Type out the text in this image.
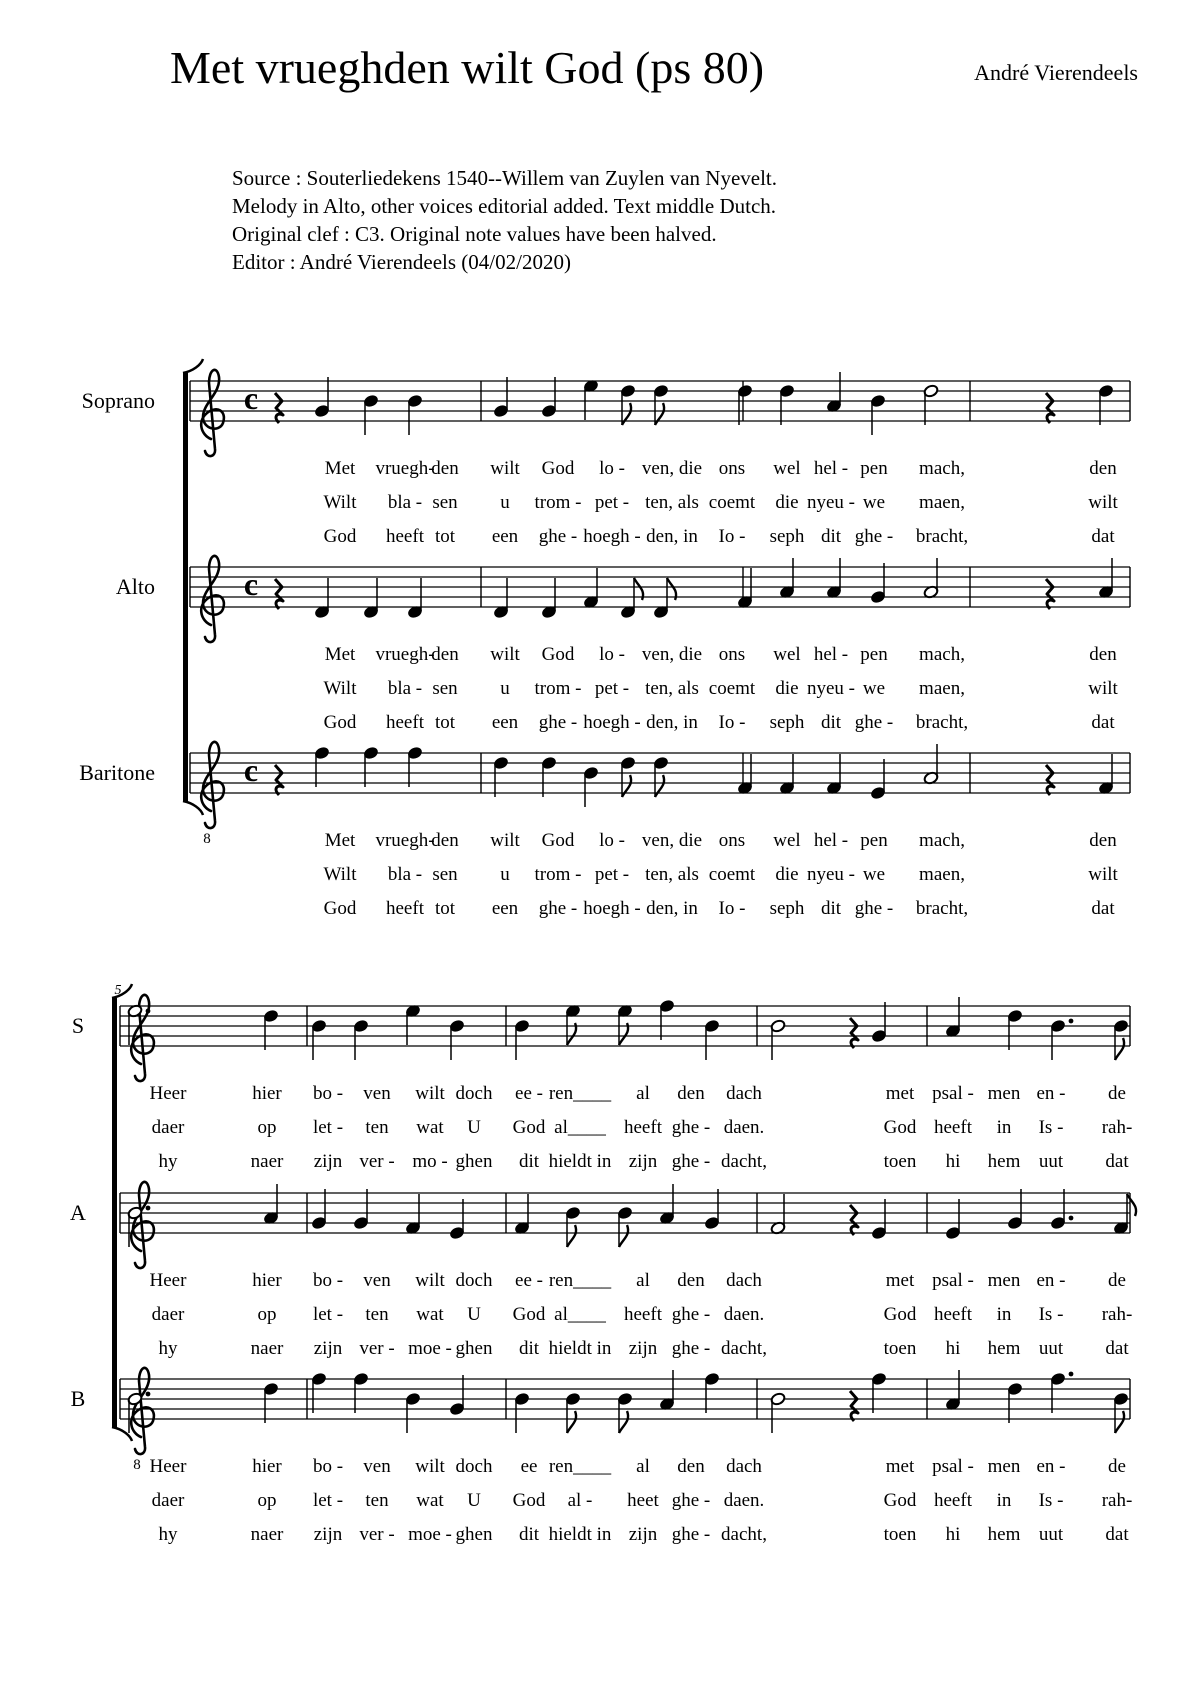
Met vrueghden wilt God (ps 80)	André Vierendeels
Source : Souterliedekens 1540--Willem van Zuylen van Nyevelt.
Melody in Alto, other voices editorial added. Text middle Dutch.
Original clef : C3. Original note values have been halved.
Editor : André Vierendeels (04/02/2020)
Soprano	c
Met vruegh-
den wilt God lo - ven, die ons wel hel - pen mach,	den
Wilt bla - sen u trom - pet - ten, als coemt die nyeu - we maen,	wilt
God heeft tot een ghe - hoegh - den, in Io - seph dit ghe - bracht,	dat
Alto	c
Met vruegh-
den wilt God lo - ven, die ons wel hel - pen mach,	den
Wilt bla - sen u trom - pet - ten, als coemt die nyeu - we maen,	wilt
God heeft tot een ghe - hoegh - den, in Io - seph dit ghe - bracht,	dat
Baritone
8
c
Met vruegh-
den wilt God lo - ven, die ons wel hel - pen mach,	den
Wilt bla - sen u trom - pet - ten, als coemt die nyeu - we maen,	wilt
God heeft tot een ghe - hoegh - den, in Io - seph dit ghe - bracht,	dat
5
S
Heer	hier bo - ven wilt doch ee - ren____ al den dach	met psal - men en - de
daer	op let - ten wat U God al____ heeft ghe - daen.	God heeft in Is - rah-
hy	naer zijn ver - mo - ghen dit hieldt in zijn ghe - dacht,	toen hi hem uut dat
A
Heer	hier bo - ven wilt doch ee - ren____ al den dach	met psal - men en - de
daer	op let - ten wat U God al____ heeft ghe - daen.	God heeft in Is - rah-
hy	naer zijn ver - moe - ghen dit hieldt in zijn ghe - dacht,	toen hi hem uut dat
B
8 Heer	hier bo - ven wilt doch ee ren____ al den dach	met psal - men en - de
daer	op let - ten wat U God al - heet ghe - daen.	God heeft in Is - rah-
hy	naer zijn ver - moe - ghen dit hieldt in zijn ghe - dacht,	toen hi hem uut dat
